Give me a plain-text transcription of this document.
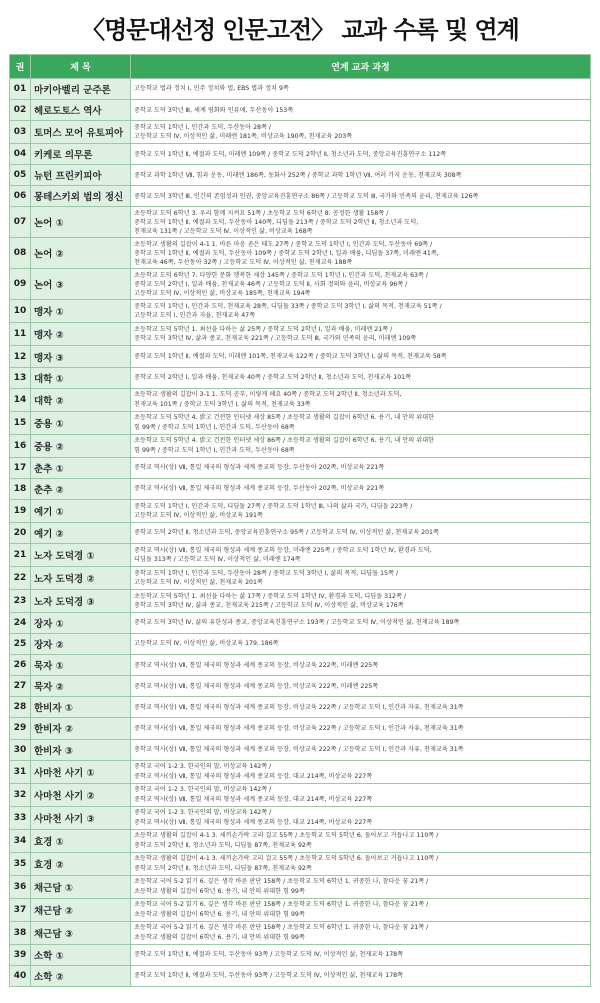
〈명문대선정 인문고전〉 교과 수록 및 연계
권	제 목	연계 교과 과정
01	마키아벨리 군주론	고등학교 법과 정치 Ⅰ, 민주 정치와 법, EBS 법과 정치 9쪽

02	헤로도토스 역사	중학교 도덕 3학년 Ⅲ, 세계 평화와 인류애, 두산동아 153쪽

03	토머스 모어 유토피아	중학교 도덕 1학년 Ⅰ, 인간과 도덕, 두산동아 28쪽 /
고등학교 도덕 Ⅳ, 이상적인 삶, 미래엔 181쪽, 비상교육 190쪽, 천재교육 203쪽

04	키케로 의무론	중학교 도덕 1학년 Ⅱ, 예절과 도덕, 미래엔 109쪽 / 중학교 도덕 2학년 Ⅱ, 청소년과 도덕, 중앙교육진흥연구소 112쪽

05	뉴턴 프린키피아	중학교 과학 1학년 Ⅶ, 힘과 운동, 미래엔 186쪽, 동화사 252쪽 / 중학교 과학 1학년 Ⅶ, 여러 가지 운동, 천재교육 308쪽

06	몽테스키외 법의 정신	중학교 도덕 3학년 Ⅲ, 인간의 존엄성과 인권, 중앙교육진흥연구소 86쪽 / 고등학교 도덕 Ⅲ, 국가와 민족의 윤리, 천재교육 126쪽

07	논어 ①	초등학교 도덕 6학년 3. 우리 함께 지켜요 51쪽 / 초등학교 도덕 6학년 8. 공정한 생활 158쪽 /
중학교 도덕 1학년 Ⅱ, 예절과 도덕, 두산동아 140쪽, 디딤돌 213쪽 / 중학교 도덕 2학년 Ⅱ, 청소년과 도덕,
천재교육 131쪽 / 고등학교 도덕 Ⅳ, 이상적인 삶, 비상교육 168쪽

08	논어 ②	초등학교 생활의 길잡이 4-1 1. 바른 마음 곧은 태도 27쪽 / 중학교 도덕 1학년 Ⅰ, 인간과 도덕, 두산동아 69쪽 /
중학교 도덕 1학년 Ⅱ, 예절과 도덕, 두산동아 109쪽 / 중학교 도덕 2학년 Ⅰ, 일과 배움, 디딤돌 37쪽, 미래엔 41쪽,
천재교육 46쪽, 두산동아 32쪽 / 고등학교 도덕 Ⅳ, 이상적인 삶, 천재교육 188쪽

09	논어 ③	초등학교 도덕 6학년 7. 다양한 문화 행복한 세상 145쪽 / 중학교 도덕 1학년 Ⅰ, 인간과 도덕, 천재교육 63쪽 /
중학교 도덕 2학년 Ⅰ, 일과 배움, 천재교육 46쪽 / 고등학교 도덕 Ⅱ, 사회 정의와 윤리, 비상교육 96쪽 /
고등학교 도덕 Ⅳ, 이상적인 삶, 비상교육 185쪽, 천재교육 194쪽

10	맹자 ①	중학교 도덕 1학년 Ⅰ, 인간과 도덕, 천재교육 28쪽, 디딤돌 33쪽 / 중학교 도덕 3학년 Ⅰ, 삶의 목적, 천재교육 51쪽 /
고등학교 도덕 Ⅰ, 인간과 자율, 천재교육 47쪽

11	맹자 ②	초등학교 도덕 5학년 1. 최선을 다하는 삶 25쪽 / 중학교 도덕 2학년 Ⅰ, 일과 배움, 미래엔 21쪽 /
중학교 도덕 3학년 Ⅳ, 삶과 종교, 천재교육 221쪽 / 고등학교 도덕 Ⅲ, 국가와 민족의 윤리, 미래엔 109쪽

12	맹자 ③	중학교 도덕 1학년 Ⅱ, 예절과 도덕, 미래엔 101쪽, 천재교육 122쪽 / 중학교 도덕 3학년 Ⅰ, 삶의 목적, 천재교육 58쪽

13	대학 ①	중학교 도덕 2학년 Ⅰ, 일과 배움, 천재교육 40쪽 / 중학교 도덕 2학년 Ⅱ, 청소년과 도덕, 천재교육 101쪽

14	대학 ②	초등학교 생활의 길잡이 3-1 1. 도덕 공부, 이렇게 해요 40쪽 / 중학교 도덕 2학년 Ⅱ, 청소년과 도덕,
천재교육 101쪽 / 중학교 도덕 3학년 Ⅰ, 삶의 목적, 천재교육 33쪽

15	중용 ①	초등학교 도덕 5학년 4. 밝고 건전한 인터넷 세상 85쪽 / 초등학교 생활의 길잡이 6학년 6. 용기, 내 안의 위대한
힘 99쪽 / 중학교 도덕 1학년 Ⅰ, 인간과 도덕, 두산동아 68쪽

16	중용 ②	초등학교 도덕 5학년 4. 밝고 건전한 인터넷 세상 86쪽 / 초등학교 생활의 길잡이 6학년 6. 용기, 내 안의 위대한
힘 99쪽 / 중학교 도덕 1학년 Ⅰ, 인간과 도덕, 두산동아 68쪽

17	춘추 ①	중학교 역사(상) Ⅶ, 통일 제국의 형성과 세계 종교의 등장, 두산동아 202쪽, 비상교육 221쪽

18	춘추 ②	중학교 역사(상) Ⅶ, 통일 제국의 형성과 세계 종교의 등장, 두산동아 202쪽, 비상교육 221쪽

19	예기 ①	중학교 도덕 1학년 Ⅰ, 인간과 도덕, 디딤돌 27쪽 / 중학교 도덕 1학년 Ⅲ, 나의 삶과 국가, 디딤돌 223쪽 /
고등학교 도덕 Ⅳ, 이상적인 삶, 비상교육 191쪽

20	예기 ②	중학교 도덕 2학년 Ⅱ, 청소년과 도덕, 중앙교육진흥연구소 95쪽 / 고등학교 도덕 Ⅳ, 이상적인 삶, 천재교육 201쪽

21	노자 도덕경 ①	중학교 역사(상) Ⅶ, 통일 제국의 형성과 세계 종교의 등장, 미래엔 225쪽 / 중학교 도덕 1학년 Ⅳ, 환경과 도덕,
디딤돌 313쪽 / 고등학교 도덕 Ⅳ, 이상적인 삶, 미래엔 174쪽

22	노자 도덕경 ②	중학교 도덕 1학년 Ⅰ, 인간과 도덕, 두산동아 28쪽 / 중학교 도덕 3학년 Ⅰ, 삶의 목적, 디딤돌 15쪽 /
고등학교 도덕 Ⅳ, 이상적인 삶, 천재교육 201쪽

23	노자 도덕경 ③	초등학교 도덕 5학년 1. 최선을 다하는 삶 17쪽 / 중학교 도덕 1학년 Ⅳ, 환경과 도덕, 디딤돌 312쪽 /
중학교 도덕 3학년 Ⅳ, 삶과 종교, 천재교육 215쪽 / 고등학교 도덕 Ⅳ, 이상적인 삶, 비상교육 176쪽

24	장자 ①	중학교 도덕 3학년 Ⅳ, 삶의 유한성과 종교, 중앙교육진흥연구소 193쪽 / 고등학교 도덕 Ⅳ, 이상적인 삶, 천재교육 189쪽

25	장자 ②	고등학교 도덕 Ⅳ, 이상적인 삶, 비상교육 179, 186쪽

26	묵자 ①	중학교 역사(상) Ⅶ, 통일 제국의 형성과 세계 종교의 등장, 비상교육 222쪽, 미래엔 225쪽

27	묵자 ②	중학교 역사(상) Ⅶ, 통일 제국의 형성과 세계 종교의 등장, 비상교육 222쪽, 미래엔 225쪽

28	한비자 ①	중학교 역사(상) Ⅶ, 통일 제국의 형성과 세계 종교의 등장, 비상교육 222쪽 / 고등학교 도덕 Ⅰ, 인간과 자유, 천재교육 31쪽

29	한비자 ②	중학교 역사(상) Ⅶ, 통일 제국의 형성과 세계 종교의 등장, 비상교육 222쪽 / 고등학교 도덕 Ⅰ, 인간과 자유, 천재교육 31쪽

30	한비자 ③	중학교 역사(상) Ⅶ, 통일 제국의 형성과 세계 종교의 등장, 비상교육 222쪽 / 고등학교 도덕 Ⅰ, 인간과 자유, 천재교육 31쪽

31	사마천 사기 ①	중학교 국어 1-2 3. 한국인의 말, 비상교육 142쪽 /
중학교 역사(상) Ⅶ, 통일 제국의 형성과 세계 종교의 등장, 대교 214쪽, 비상교육 227쪽

32	사마천 사기 ②	중학교 국어 1-2 3. 한국인의 말, 비상교육 142쪽 /
중학교 역사(상) Ⅶ, 통일 제국의 형성과 세계 종교의 등장, 대교 214쪽, 비상교육 227쪽

33	사마천 사기 ③	중학교 국어 1-2 3. 한국인의 말, 비상교육 142쪽 /
중학교 역사(상) Ⅶ, 통일 제국의 형성과 세계 종교의 등장, 대교 214쪽, 비상교육 227쪽

34	효경 ①	초등학교 생활의 길잡이 4-1 3. 세끼손가락 고리 걸고 55쪽 / 초등학교 도덕 5학년 6. 돌아보고 거듭나고 110쪽 /
중학교 도덕 2학년 Ⅱ, 청소년과 도덕, 디딤돌 87쪽, 천재교육 92쪽

35	효경 ②	초등학교 생활의 길잡이 4-1 3. 세끼손가락 고리 걸고 55쪽 / 초등학교 도덕 5학년 6. 돌아보고 거듭나고 110쪽 /
중학교 도덕 2학년 Ⅱ, 청소년과 도덕, 디딤돌 87쪽, 천재교육 92쪽

36	채근담 ①	초등학교 국어 5-2 읽기 6. 깊은 생각 바른 판단 158쪽 / 초등학교 도덕 6학년 1. 귀중한 나, 참다운 꿈 21쪽 /
초등학교 생활의 길잡이 6학년 6. 용기, 내 안의 위대한 힘 99쪽

37	채근담 ②	초등학교 국어 5-2 읽기 6. 깊은 생각 바른 판단 158쪽 / 초등학교 도덕 6학년 1. 귀중한 나, 참다운 꿈 21쪽 /
초등학교 생활의 길잡이 6학년 6. 용기, 내 안의 위대한 힘 99쪽

38	채근담 ③	초등학교 국어 5-2 읽기 6. 깊은 생각 바른 판단 158쪽 / 초등학교 도덕 6학년 1. 귀중한 나, 참다운 꿈 21쪽 /
초등학교 생활의 길잡이 6학년 6. 용기, 내 안의 위대한 힘 99쪽

39	소학 ①	중학교 도덕 1학년 Ⅱ, 예절과 도덕, 두산동아 93쪽 / 고등학교 도덕 Ⅳ, 이상적인 삶, 천재교육 178쪽

40	소학 ②	중학교 도덕 1학년 Ⅱ, 예절과 도덕, 두산동아 93쪽 / 고등학교 도덕 Ⅳ, 이상적인 삶, 천재교육 178쪽
